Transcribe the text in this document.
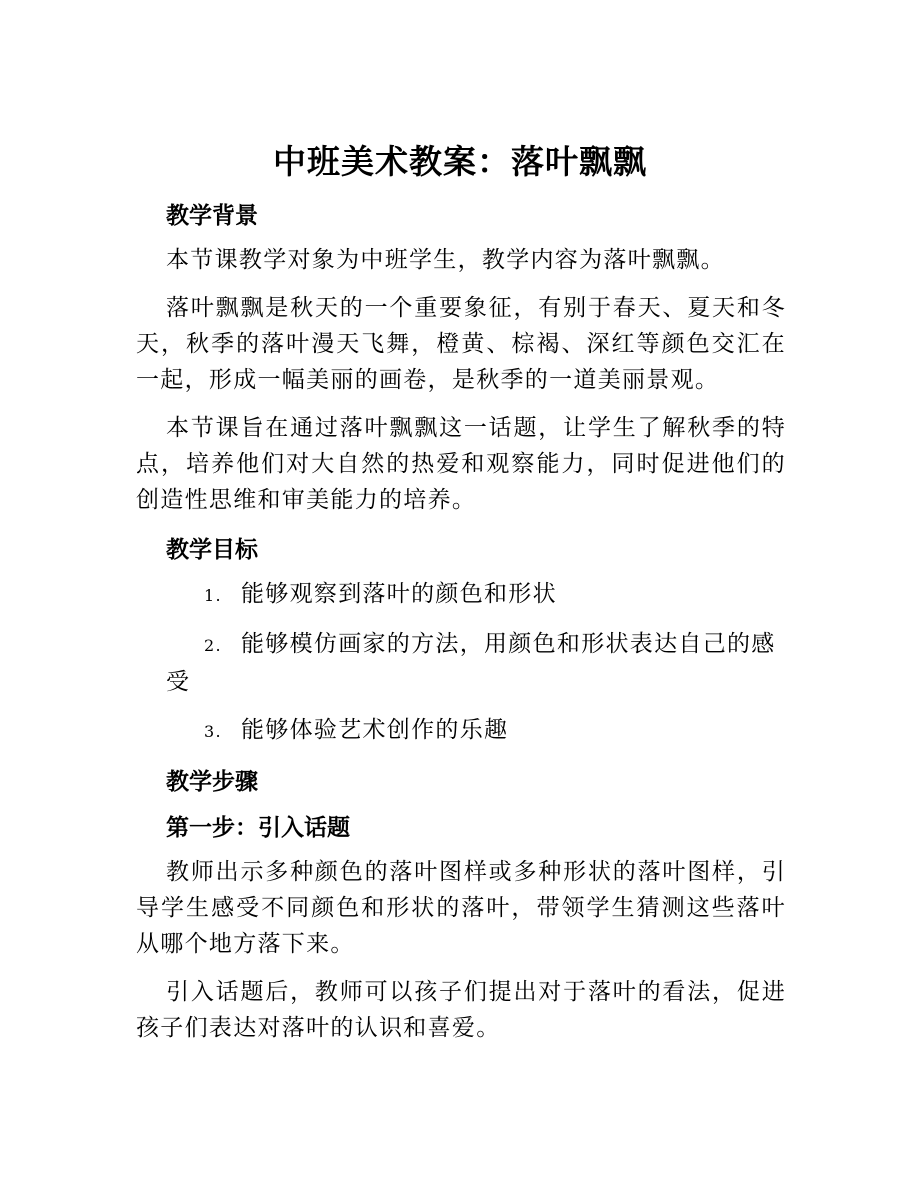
中班美术教案：落叶飘飘
教学背景

本节课教学对象为中班学生，教学内容为落叶飘飘。

落叶飘飘是秋天的一个重要象征，有别于春天、夏天和冬天，秋季的落叶漫天飞舞，橙黄、棕褐、深红等颜色交汇在一起，形成一幅美丽的画卷，是秋季的一道美丽景观。

本节课旨在通过落叶飘飘这一话题，让学生了解秋季的特点，培养他们对大自然的热爱和观察能力，同时促进他们的创造性思维和审美能力的培养。

教学目标
1. 能够观察到落叶的颜色和形状
2. 能够模仿画家的方法，用颜色和形状表达自己的感
受
3. 能够体验艺术创作的乐趣
教学步骤
第一步：引入话题

教师出示多种颜色的落叶图样或多种形状的落叶图样，引导学生感受不同颜色和形状的落叶，带领学生猜测这些落叶从哪个地方落下来。

引入话题后，教师可以孩子们提出对于落叶的看法，促进孩子们表达对落叶的认识和喜爱。
